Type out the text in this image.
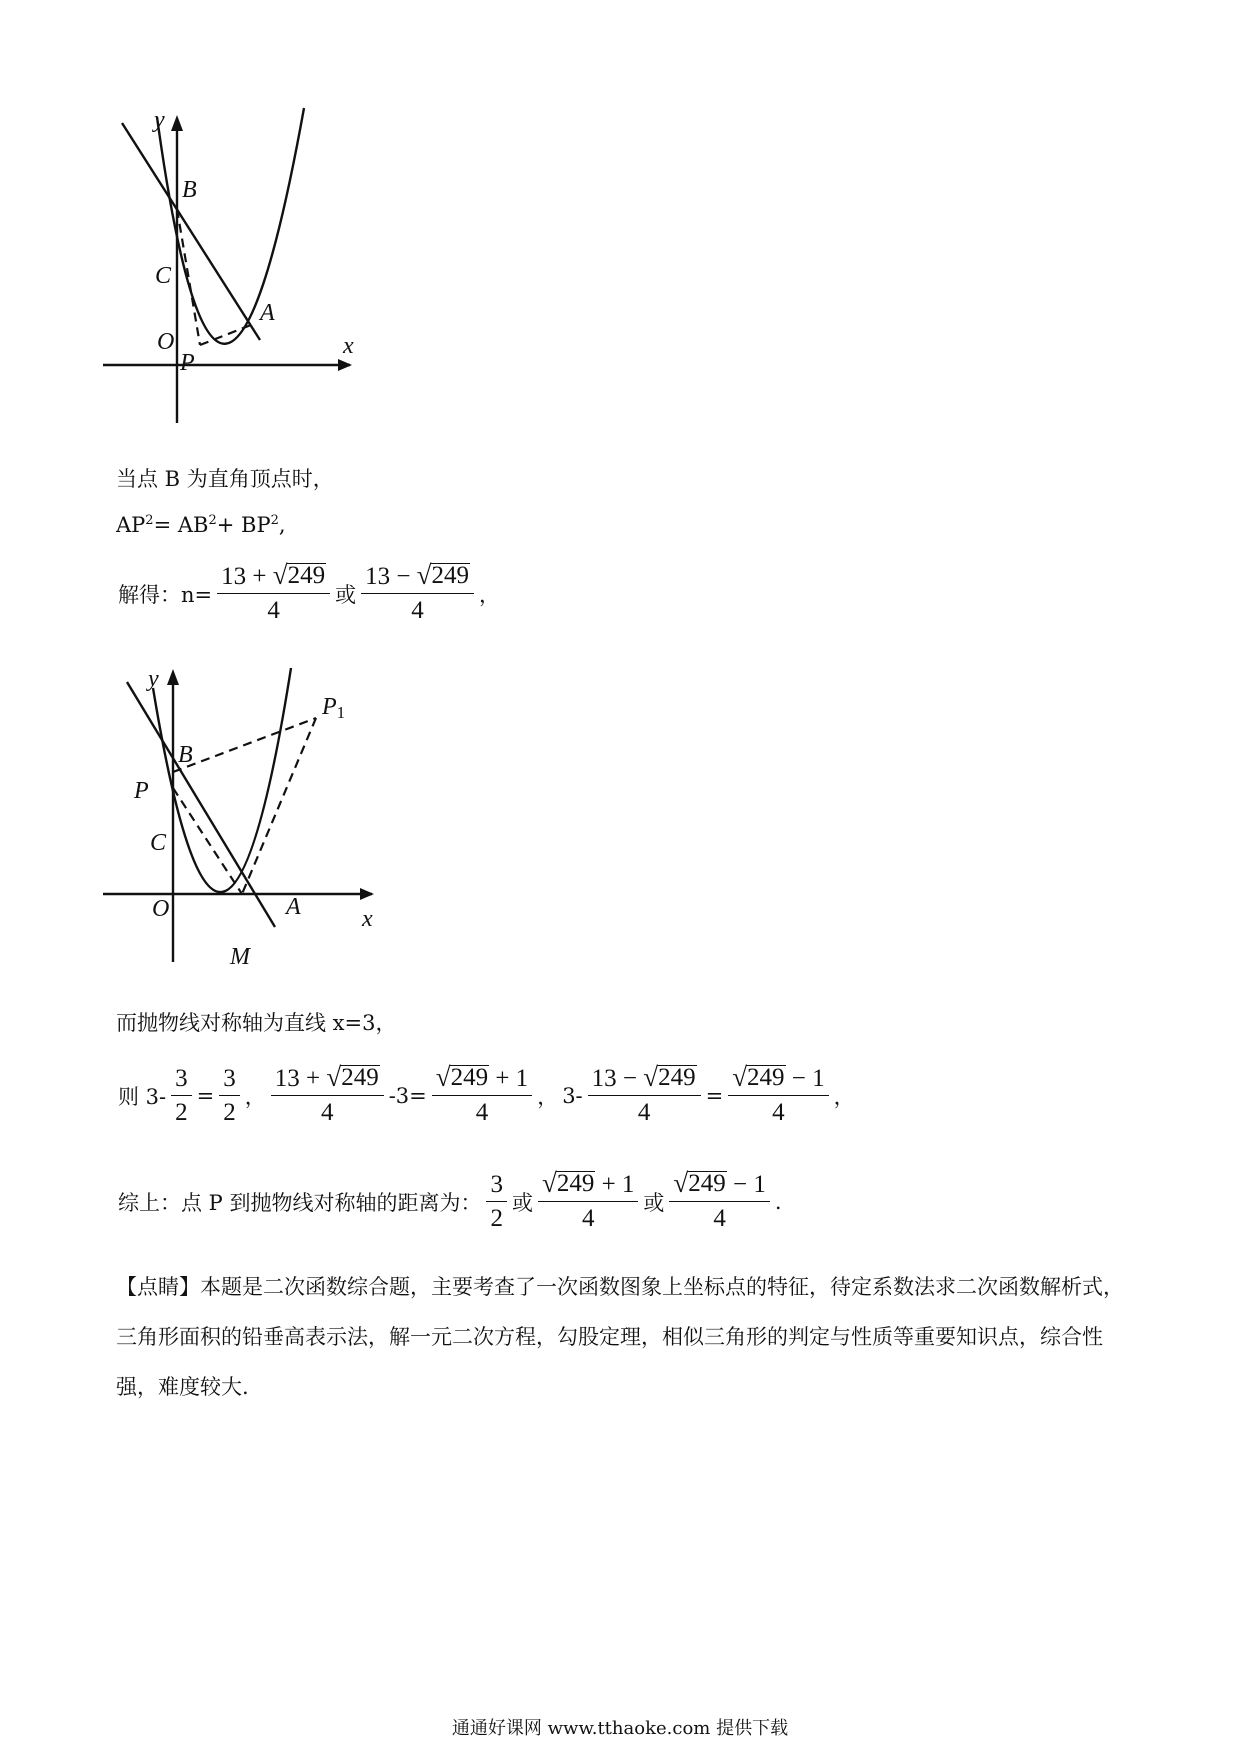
y
B
C
A
O	x
P
当点 B 为直角顶点时，
$AP^2= AB^2+ BP^2$,
解得：$n= \frac{13 + √ 249}{4}$ 或 $\frac{13 - √ 249}{4}$ ，
y
P1
B
P
C
A
O	x
M
而抛物线对称轴为直线 x=3，
则 $3- \frac{3}{2} = \frac{3}{2}$ ， $\frac{13 + √ 249}{4} -3= \frac{√ 249 + 1}{4}$ ， $3- \frac{13 - √ 249}{4} = \frac{√ 249 - 1}{4}$ ，
综上：点 P 到抛物线对称轴的距离为： $\frac{3}{2}$ 或 $\frac{√ 249 + 1}{4}$ 或 $\frac{√ 249 - 1}{4}$ .
【点睛】本题是二次函数综合题，主要考查了一次函数图象上坐标点的特征，待定系数法求二次函数解析式，三角形面积的铅垂高表示法，解一元二次方程，勾股定理，相似三角形的判定与性质等重要知识点，综合性强，难度较大.
通通好课网 www.tthaoke.com 提供下载
